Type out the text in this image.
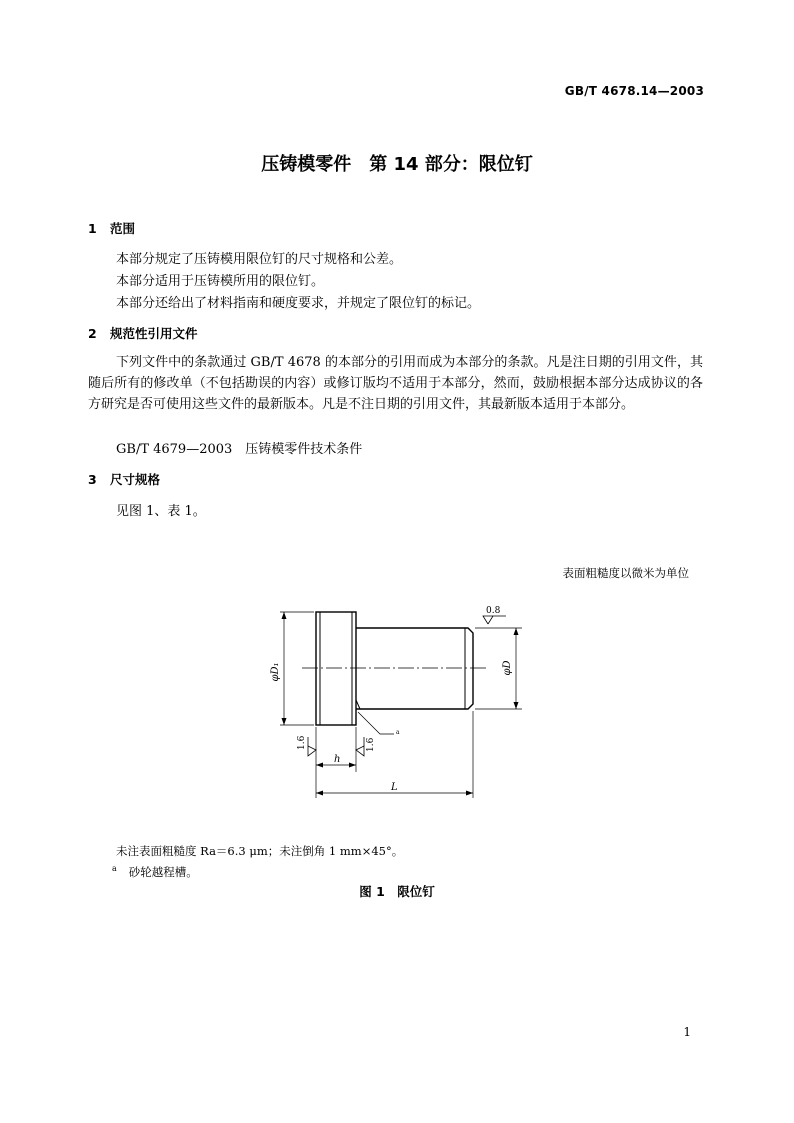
GB/T 4678.14—2003
压铸模零件　第 14 部分：限位钉
1 范围
本部分规定了压铸模用限位钉的尺寸规格和公差。
本部分适用于压铸模所用的限位钉。
本部分还给出了材料指南和硬度要求，并规定了限位钉的标记。
2 规范性引用文件
下列文件中的条款通过 GB/T 4678 的本部分的引用而成为本部分的条款。凡是注日期的引用文件，其随后所有的修改单（不包括勘误的内容）或修订版均不适用于本部分，然而，鼓励根据本部分达成协议的各方研究是否可使用这些文件的最新版本。凡是不注日期的引用文件，其最新版本适用于本部分。
GB/T 4679—2003　压铸模零件技术条件
3 尺寸规格
见图 1、表 1。
表面粗糙度以微米为单位
φD₁	φD
0.8
1.6	1.6
a
h
L
未注表面粗糙度 Ra＝6.3 μm；未注倒角 1 mm×45°。
$^a$ 砂轮越程槽。
图 1　限位钉
1
